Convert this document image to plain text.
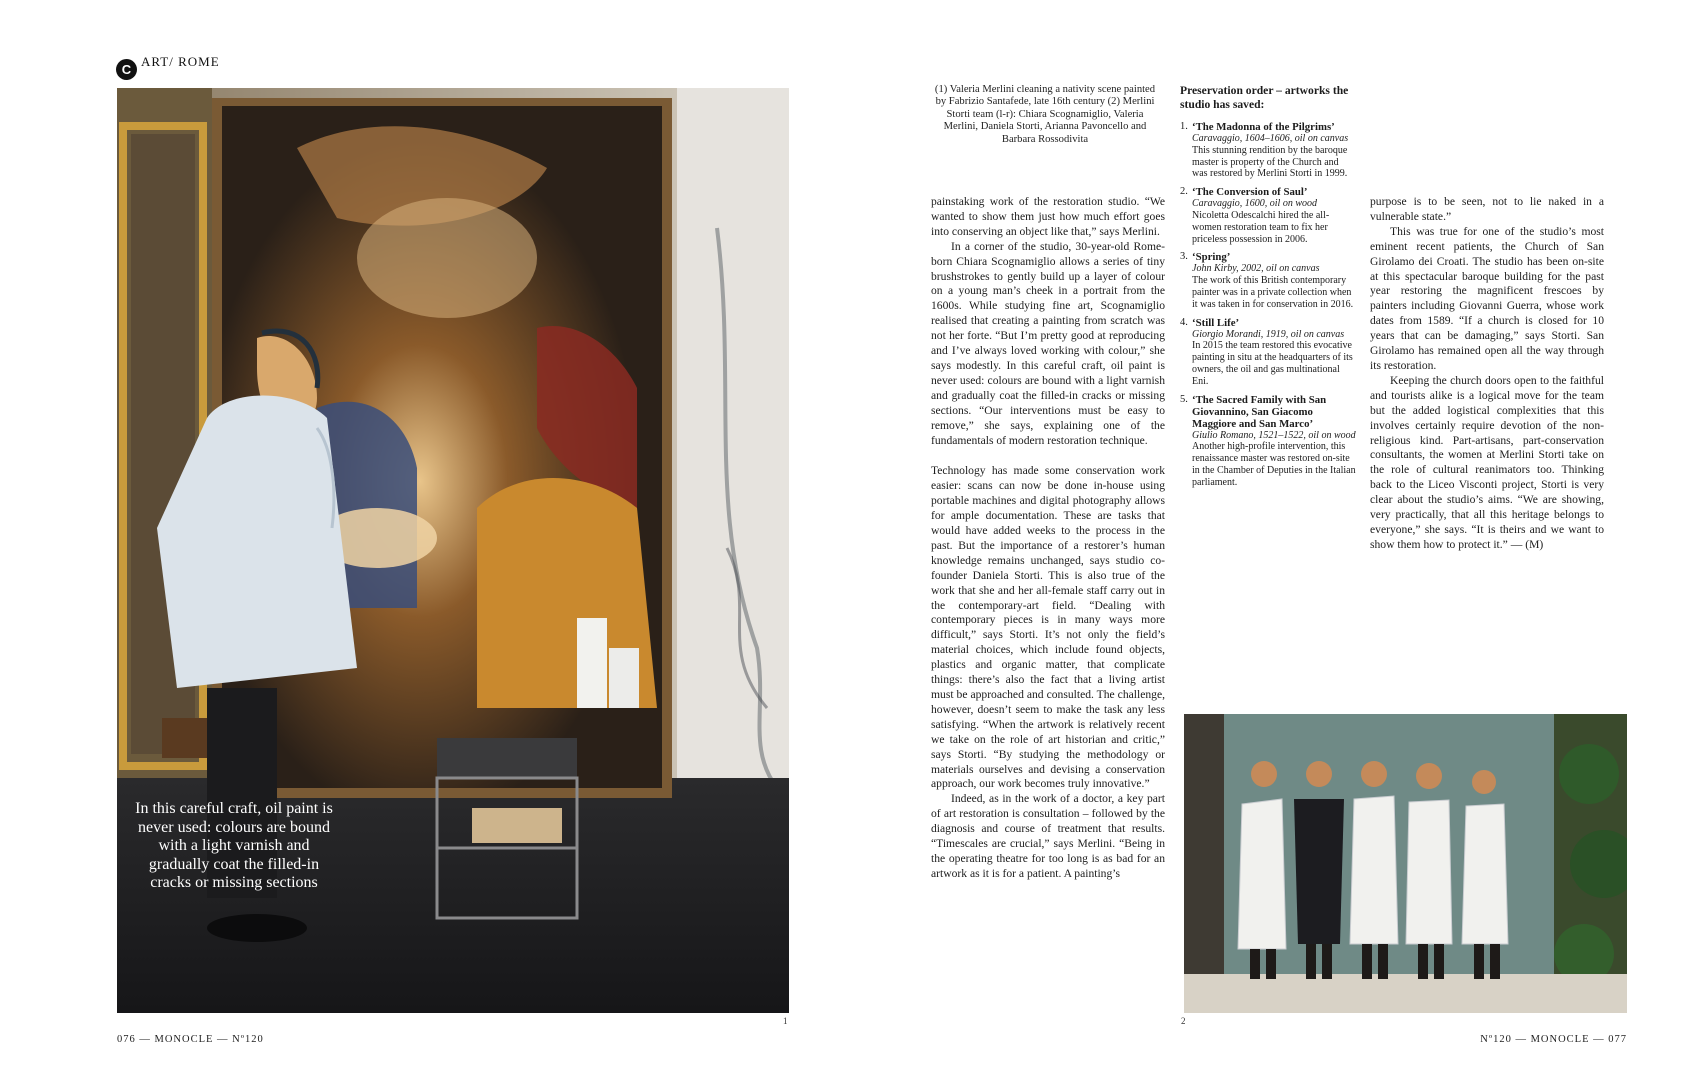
C
ART/ ROME
In this careful craft, oil paint is never used: colours are bound with a light varnish and gradually coat the filled-in cracks or missing sections
1
(1) Valeria Merlini cleaning a nativity scene painted by Fabrizio Santafede, late 16th century (2) Merlini Storti team (l-r): Chiara Scognamiglio, Valeria Merlini, Daniela Storti, Arianna Pavoncello and Barbara Rossodivita

painstaking work of the restoration studio. “We wanted to show them just how much effort goes into conserving an object like that,” says Merlini.

In a corner of the studio, 30-year-old Rome-born Chiara Scognamiglio allows a series of tiny brushstrokes to gently build up a layer of colour on a young man’s cheek in a portrait from the 1600s. While studying fine art, Scognamiglio realised that creating a painting from scratch was not her forte. “But I’m pretty good at reproducing and I’ve always loved working with colour,” she says modestly. In this careful craft, oil paint is never used: colours are bound with a light varnish and gradually coat the filled-in cracks or missing sections. “Our interventions must be easy to remove,” she says, explaining one of the fundamentals of modern restoration technique.

Technology has made some conservation work easier: scans can now be done in-house using portable machines and digital photography allows for ample documentation. These are tasks that would have added weeks to the process in the past. But the importance of a restorer’s human knowledge remains unchanged, says studio co-founder Daniela Storti. This is also true of the work that she and her all-female staff carry out in the contemporary-art field. “Dealing with contemporary pieces is in many ways more difficult,” says Storti. It’s not only the field’s material choices, which include found objects, plastics and organic matter, that complicate things: there’s also the fact that a living artist must be approached and consulted. The challenge, however, doesn’t seem to make the task any less satisfying. “When the artwork is relatively recent we take on the role of art historian and critic,” says Storti. “By studying the methodology or materials ourselves and devising a conservation approach, our work becomes truly innovative.”

Indeed, as in the work of a doctor, a key part of art restoration is consultation – followed by the diagnosis and course of treatment that results. “Timescales are crucial,” says Merlini. “Being in the operating theatre for too long is as bad for an artwork as it is for a patient. A painting’s

Preservation order – artworks the studio has saved:
1. ‘The Madonna of the Pilgrims’
Caravaggio, 1604–1606, oil on canvas
This stunning rendition by the baroque master is property of the Church and was restored by Merlini Storti in 1999.
2. ‘The Conversion of Saul’
Caravaggio, 1600, oil on wood
Nicoletta Odescalchi hired the all-women restoration team to fix her priceless possession in 2006.
3. ‘Spring’
John Kirby, 2002, oil on canvas
The work of this British contemporary painter was in a private collection when it was taken in for conservation in 2016.
4. ‘Still Life’
Giorgio Morandi, 1919, oil on canvas
In 2015 the team restored this evocative painting in situ at the headquarters of its owners, the oil and gas multinational Eni.
5. ‘The Sacred Family with San Giovannino, San Giacomo Maggiore and San Marco’
Giulio Romano, 1521–1522, oil on wood
Another high-profile intervention, this renaissance master was restored on-site in the Chamber of Deputies in the Italian parliament.

purpose is to be seen, not to lie naked in a vulnerable state.”

This was true for one of the studio’s most eminent recent patients, the Church of San Girolamo dei Croati. The studio has been on-site at this spectacular baroque building for the past year restoring the magnificent frescoes by painters including Giovanni Guerra, whose work dates from 1589. “If a church is closed for 10 years that can be damaging,” says Storti. San Girolamo has remained open all the way through its restoration.

Keeping the church doors open to the faithful and tourists alike is a logical move for the team but the added logistical complexities that this involves certainly require devotion of the non-religious kind. Part-artisans, part-conservation consultants, the women at Merlini Storti take on the role of cultural reanimators too. Thinking back to the Liceo Visconti project, Storti is very clear about the studio’s aims. “We are showing, very practically, that all this heritage belongs to everyone,” she says. “It is theirs and we want to show them how to protect it.” — (M)

2
076 — MONOCLE — Nº120	Nº120 — MONOCLE — 077
